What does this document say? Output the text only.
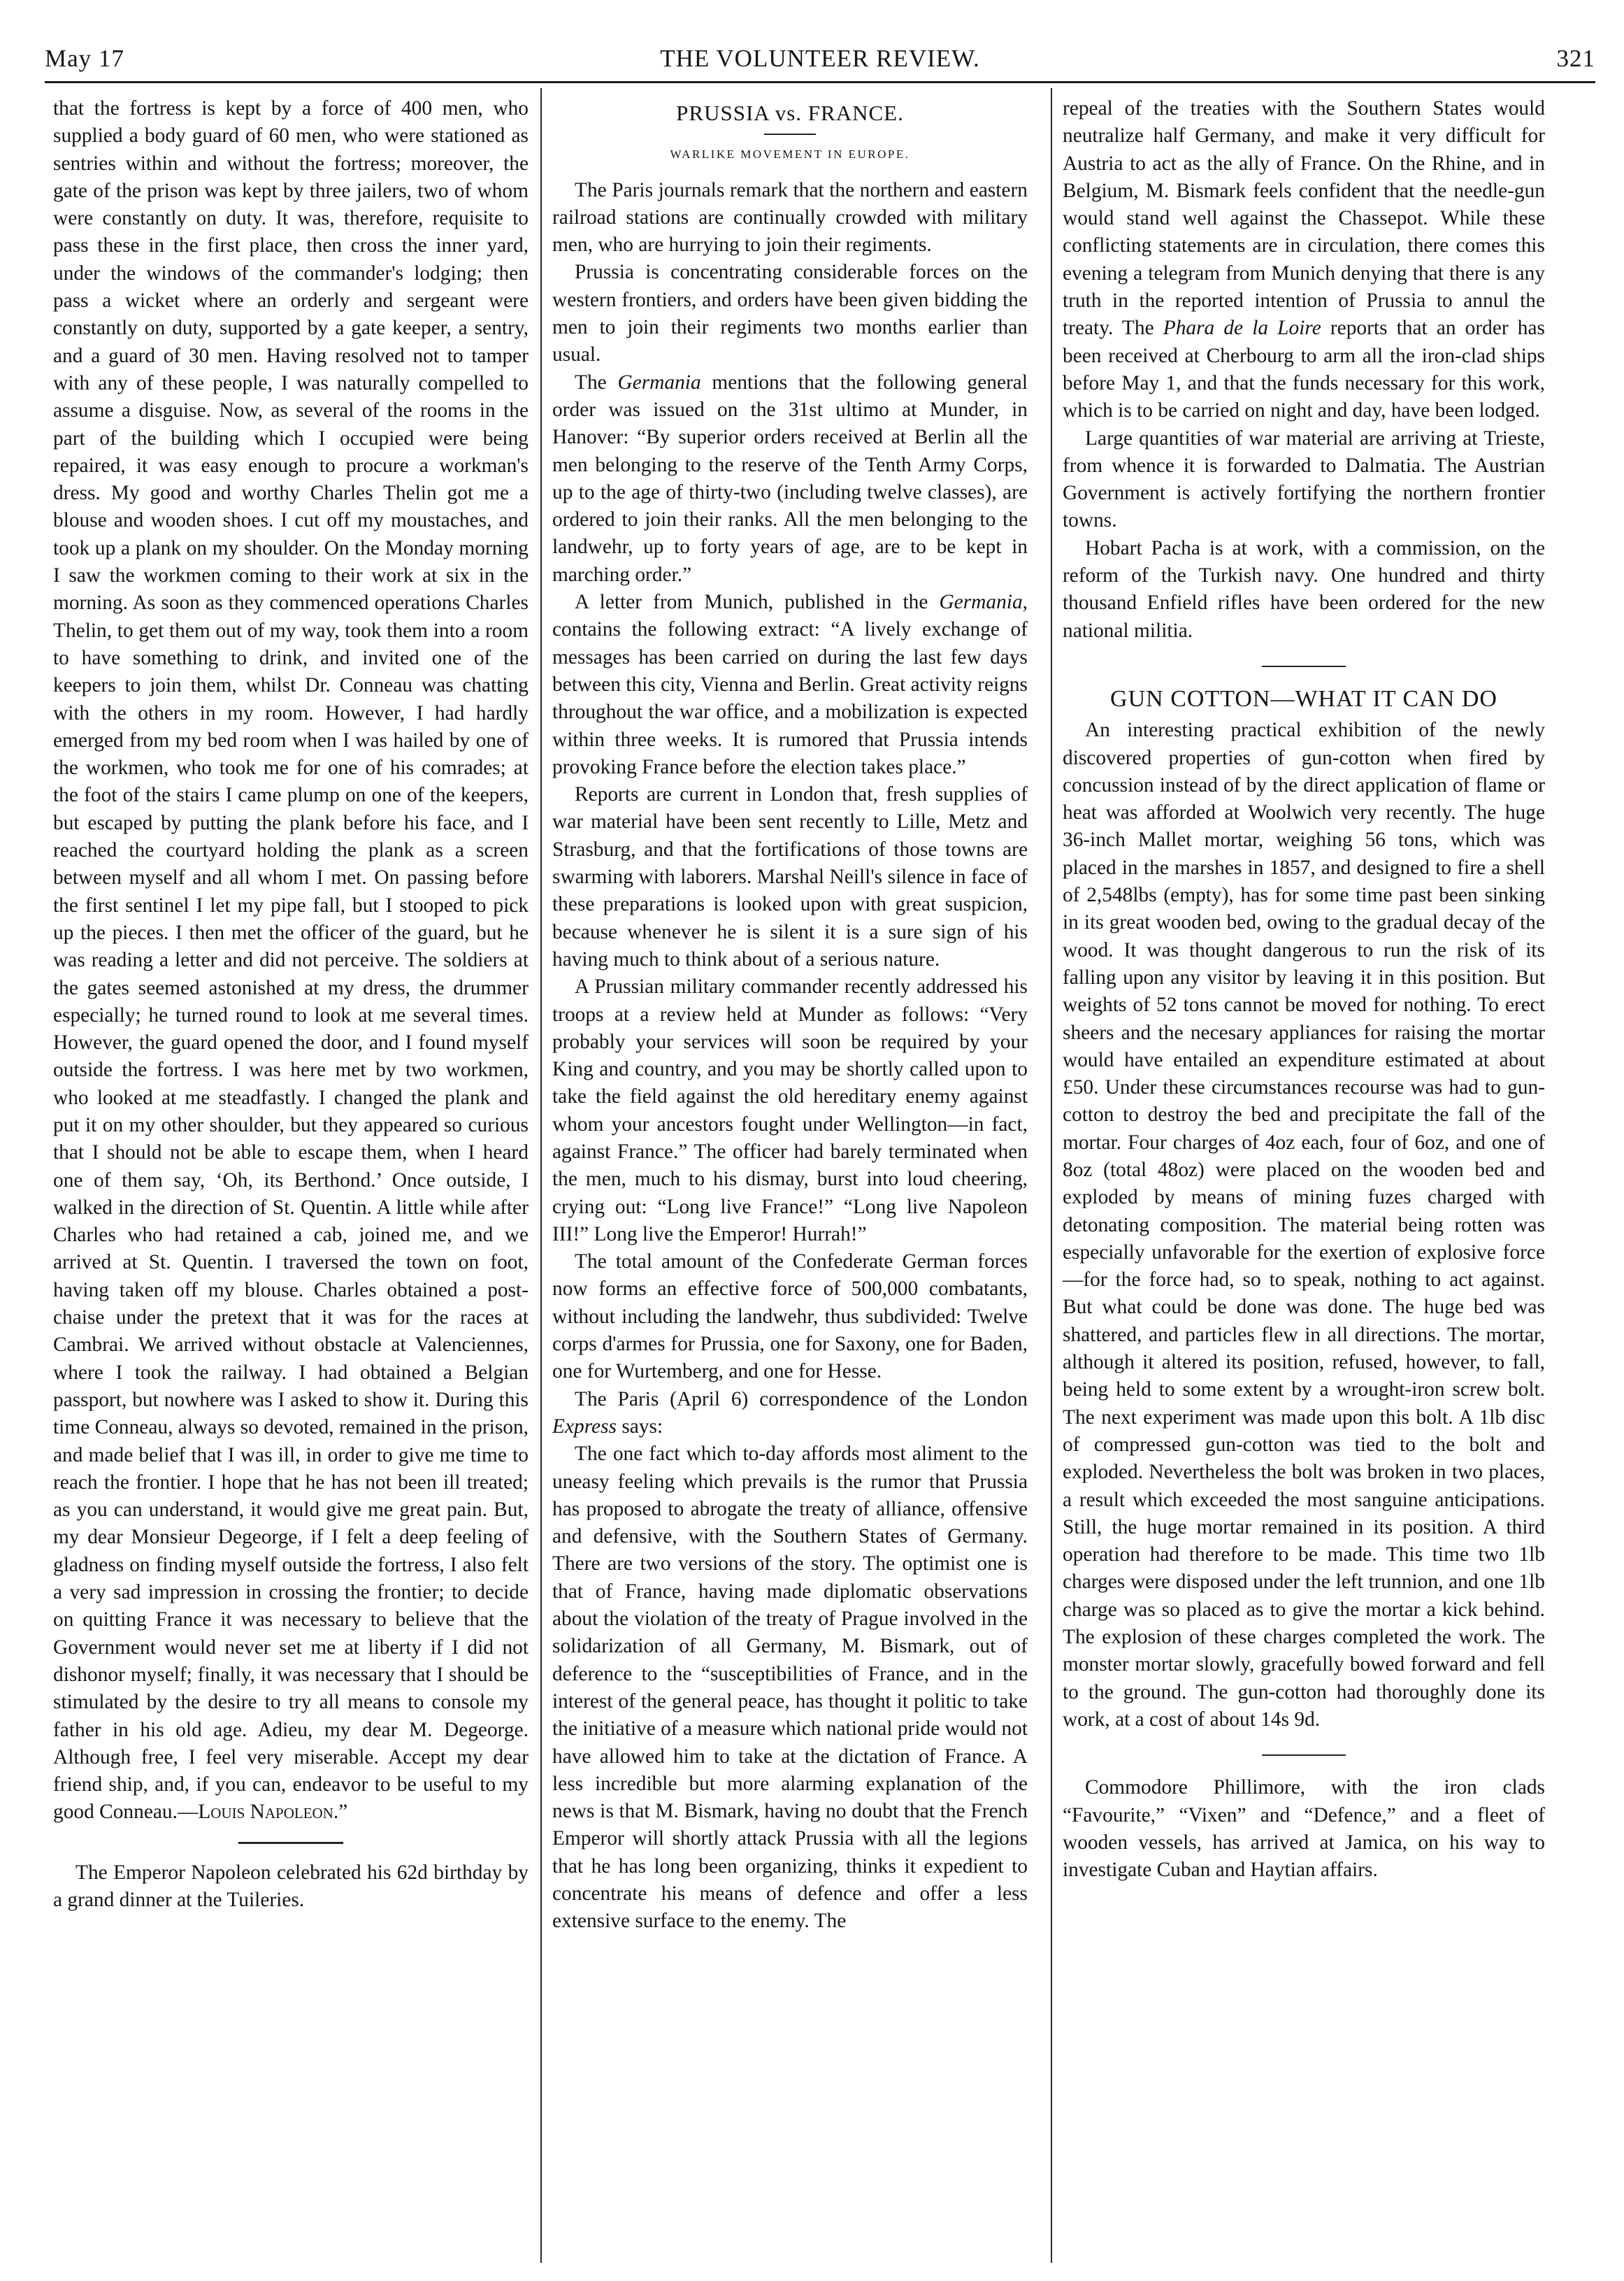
THE VOLUNTEER REVIEW.
May 17	321

that the fortress is kept by a force of 400 men, who supplied a body guard of 60 men, who were stationed as sentries within and without the fortress; moreover, the gate of the prison was kept by three jailers, two of whom were constantly on duty. It was, therefore, requisite to pass these in the first place, then cross the inner yard, under the windows of the commander's lodging; then pass a wicket where an orderly and sergeant were constantly on duty, supported by a gate keeper, a sentry, and a guard of 30 men. Having resolved not to tamper with any of these people, I was naturally compelled to assume a disguise. Now, as several of the rooms in the part of the building which I occupied were being repaired, it was easy enough to procure a workman's dress. My good and worthy Charles Thelin got me a blouse and wooden shoes. I cut off my moustaches, and took up a plank on my shoulder. On the Monday morning I saw the workmen coming to their work at six in the morning. As soon as they commenced operations Charles Thelin, to get them out of my way, took them into a room to have something to drink, and invited one of the keepers to join them, whilst Dr. Conneau was chatting with the others in my room. However, I had hardly emerged from my bed room when I was hailed by one of the workmen, who took me for one of his comrades; at the foot of the stairs I came plump on one of the keepers, but escaped by putting the plank before his face, and I reached the courtyard holding the plank as a screen between myself and all whom I met. On passing before the first sentinel I let my pipe fall, but I stooped to pick up the pieces. I then met the officer of the guard, but he was reading a letter and did not perceive. The soldiers at the gates seemed astonished at my dress, the drummer especially; he turned round to look at me several times. However, the guard opened the door, and I found myself outside the fortress. I was here met by two workmen, who looked at me steadfastly. I changed the plank and put it on my other shoulder, but they appeared so curious that I should not be able to escape them, when I heard one of them say, ‘Oh, its Berthond.’ Once outside, I walked in the direction of St. Quentin. A little while after Charles who had retained a cab, joined me, and we arrived at St. Quentin. I traversed the town on foot, having taken off my blouse. Charles obtained a post-chaise under the pretext that it was for the races at Cambrai. We arrived without obstacle at Valenciennes, where I took the railway. I had obtained a Belgian passport, but nowhere was I asked to show it. During this time Conneau, always so devoted, remained in the prison, and made belief that I was ill, in order to give me time to reach the frontier. I hope that he has not been ill treated; as you can understand, it would give me great pain. But, my dear Monsieur Degeorge, if I felt a deep feeling of gladness on finding myself outside the fortress, I also felt a very sad impression in crossing the frontier; to decide on quitting France it was necessary to believe that the Government would never set me at liberty if I did not dishonor myself; finally, it was necessary that I should be stimulated by the desire to try all means to console my father in his old age. Adieu, my dear M. Degeorge. Although free, I feel very miserable. Accept my dear friend ship, and, if you can, endeavor to be useful to my good Conneau.—Louis Napoleon.”

The Emperor Napoleon celebrated his 62d birthday by a grand dinner at the Tuileries.

PRUSSIA vs. FRANCE.
WARLIKE MOVEMENT IN EUROPE.

The Paris journals remark that the northern and eastern railroad stations are continually crowded with military men, who are hurrying to join their regiments.

Prussia is concentrating considerable forces on the western frontiers, and orders have been given bidding the men to join their regiments two months earlier than usual.

The Germania mentions that the following general order was issued on the 31st ultimo at Munder, in Hanover: “By superior orders received at Berlin all the men belonging to the reserve of the Tenth Army Corps, up to the age of thirty-two (including twelve classes), are ordered to join their ranks. All the men belonging to the landwehr, up to forty years of age, are to be kept in marching order.”

A letter from Munich, published in the Germania, contains the following extract: “A lively exchange of messages has been carried on during the last few days between this city, Vienna and Berlin. Great activity reigns throughout the war office, and a mobilization is expected within three weeks. It is rumored that Prussia intends provoking France before the election takes place.”

Reports are current in London that, fresh supplies of war material have been sent recently to Lille, Metz and Strasburg, and that the fortifications of those towns are swarming with laborers. Marshal Neill's silence in face of these preparations is looked upon with great suspicion, because whenever he is silent it is a sure sign of his having much to think about of a serious nature.

A Prussian military commander recently addressed his troops at a review held at Munder as follows: “Very probably your services will soon be required by your King and country, and you may be shortly called upon to take the field against the old hereditary enemy against whom your ancestors fought under Wellington—in fact, against France.” The officer had barely terminated when the men, much to his dismay, burst into loud cheering, crying out: “Long live France!” “Long live Napoleon III!” Long live the Emperor! Hurrah!”

The total amount of the Confederate German forces now forms an effective force of 500,000 combatants, without including the landwehr, thus subdivided: Twelve corps d'armes for Prussia, one for Saxony, one for Baden, one for Wurtemberg, and one for Hesse.

The Paris (April 6) correspondence of the London Express says:

The one fact which to-day affords most aliment to the uneasy feeling which prevails is the rumor that Prussia has proposed to abrogate the treaty of alliance, offensive and defensive, with the Southern States of Germany. There are two versions of the story. The optimist one is that of France, having made diplomatic observations about the violation of the treaty of Prague involved in the solidarization of all Germany, M. Bismark, out of deference to the “susceptibilities of France, and in the interest of the general peace, has thought it politic to take the initiative of a measure which national pride would not have allowed him to take at the dictation of France. A less incredible but more alarming explanation of the news is that M. Bismark, having no doubt that the French Emperor will shortly attack Prussia with all the legions that he has long been organizing, thinks it expedient to concentrate his means of defence and offer a less extensive surface to the enemy. The

repeal of the treaties with the Southern States would neutralize half Germany, and make it very difficult for Austria to act as the ally of France. On the Rhine, and in Belgium, M. Bismark feels confident that the needle-gun would stand well against the Chassepot. While these conflicting statements are in circulation, there comes this evening a telegram from Munich denying that there is any truth in the reported intention of Prussia to annul the treaty. The Phara de la Loire reports that an order has been received at Cherbourg to arm all the iron-clad ships before May 1, and that the funds necessary for this work, which is to be carried on night and day, have been lodged.

Large quantities of war material are arriving at Trieste, from whence it is forwarded to Dalmatia. The Austrian Government is actively fortifying the northern frontier towns.

Hobart Pacha is at work, with a commission, on the reform of the Turkish navy. One hundred and thirty thousand Enfield rifles have been ordered for the new national militia.

GUN COTTON—WHAT IT CAN DO

An interesting practical exhibition of the newly discovered properties of gun-cotton when fired by concussion instead of by the direct application of flame or heat was afforded at Woolwich very recently. The huge 36-inch Mallet mortar, weighing 56 tons, which was placed in the marshes in 1857, and designed to fire a shell of 2,548lbs (empty), has for some time past been sinking in its great wooden bed, owing to the gradual decay of the wood. It was thought dangerous to run the risk of its falling upon any visitor by leaving it in this position. But weights of 52 tons cannot be moved for nothing. To erect sheers and the necesary appliances for raising the mortar would have entailed an expenditure estimated at about £50. Under these circumstances recourse was had to gun-cotton to destroy the bed and precipitate the fall of the mortar. Four charges of 4oz each, four of 6oz, and one of 8oz (total 48oz) were placed on the wooden bed and exploded by means of mining fuzes charged with detonating composition. The material being rotten was especially unfavorable for the exertion of explosive force—for the force had, so to speak, nothing to act against. But what could be done was done. The huge bed was shattered, and particles flew in all directions. The mortar, although it altered its position, refused, however, to fall, being held to some extent by a wrought-iron screw bolt. The next experiment was made upon this bolt. A 1lb disc of compressed gun-cotton was tied to the bolt and exploded. Nevertheless the bolt was broken in two places, a result which exceeded the most sanguine anticipations. Still, the huge mortar remained in its position. A third operation had therefore to be made. This time two 1lb charges were disposed under the left trunnion, and one 1lb charge was so placed as to give the mortar a kick behind. The explosion of these charges completed the work. The monster mortar slowly, gracefully bowed forward and fell to the ground. The gun-cotton had thoroughly done its work, at a cost of about 14s 9d.

Commodore Phillimore, with the iron clads “Favourite,” “Vixen” and “Defence,” and a fleet of wooden vessels, has arrived at Jamica, on his way to investigate Cuban and Haytian affairs.
